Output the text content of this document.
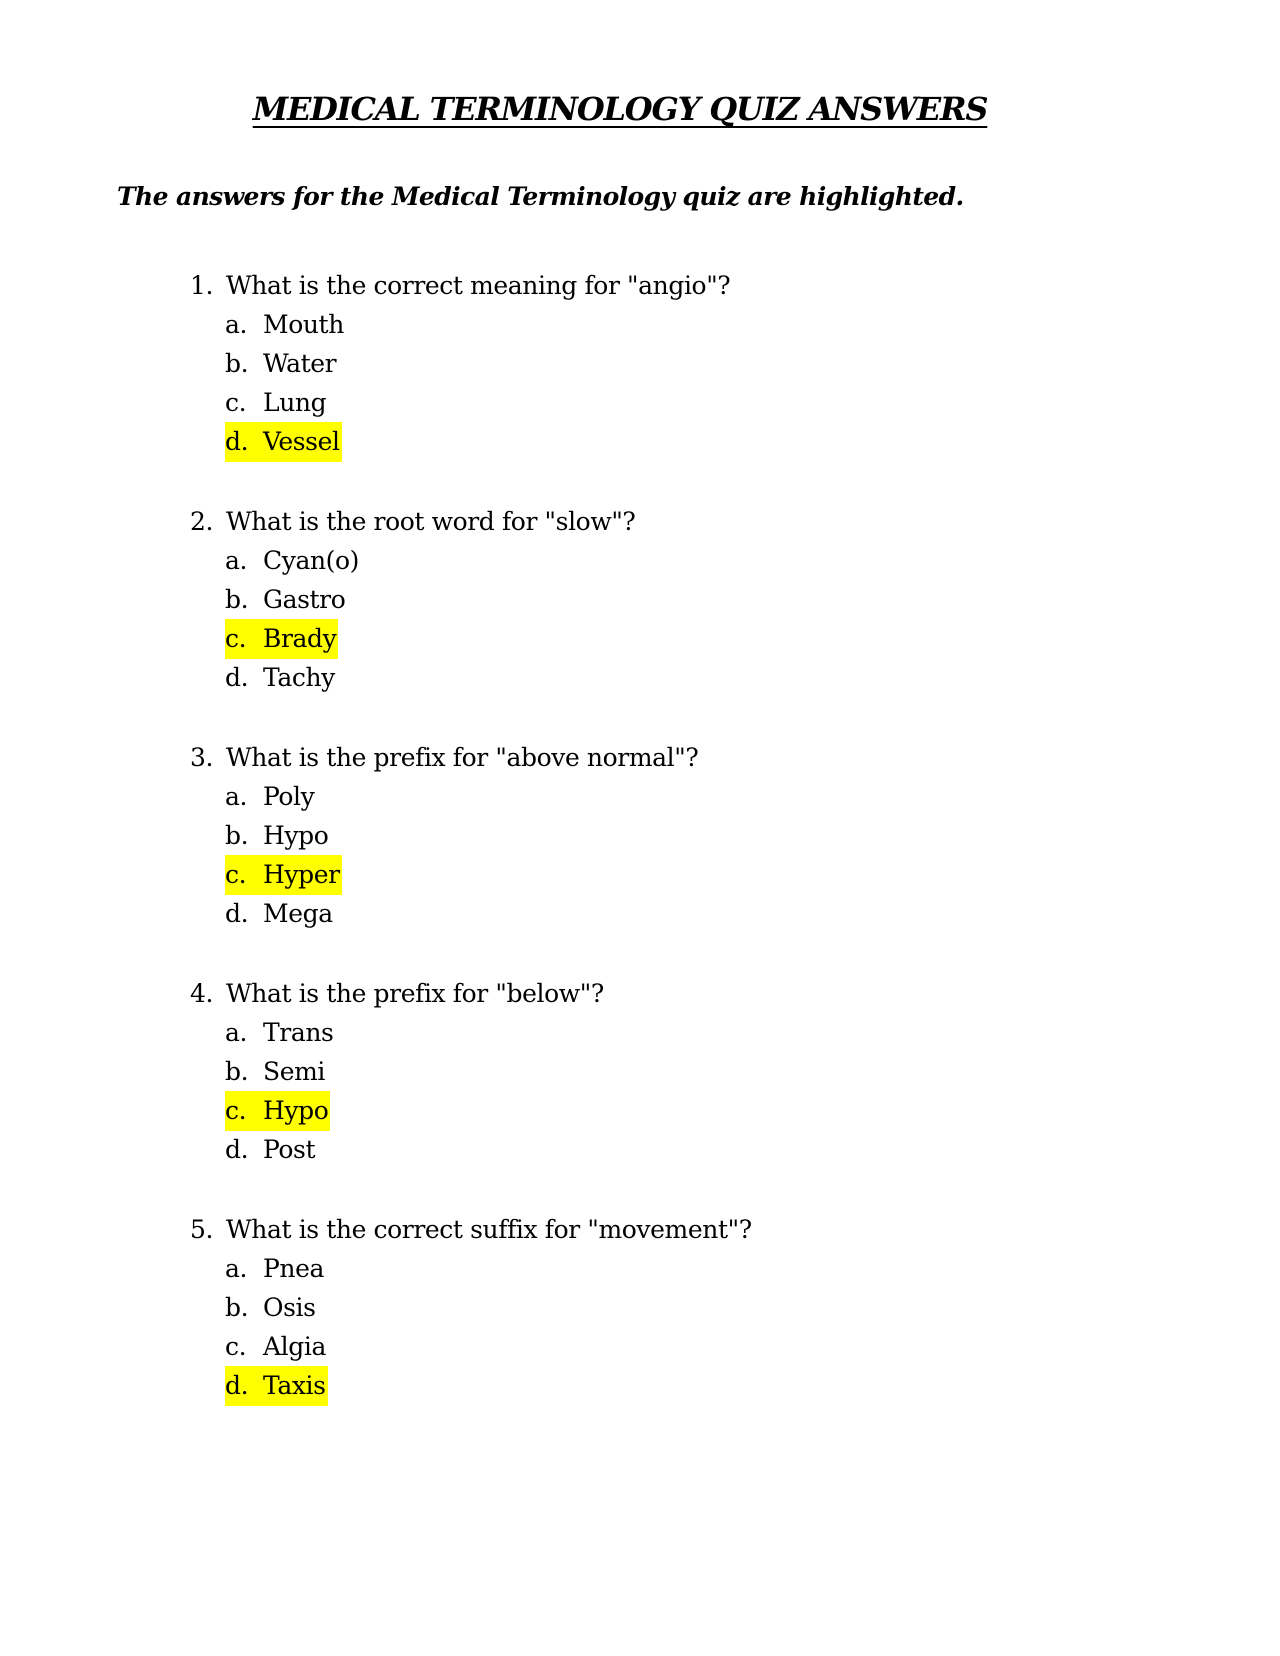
MEDICAL TERMINOLOGY QUIZ ANSWERS

The answers for the Medical Terminology quiz are highlighted.

1. What is the correct meaning for "angio"?
a. Mouth
b. Water
c. Lung
d. Vessel
2. What is the root word for "slow"?
a. Cyan(o)
b. Gastro
c. Brady
d. Tachy
3. What is the prefix for "above normal"?
a. Poly
b. Hypo
c. Hyper
d. Mega
4. What is the prefix for "below"?
a. Trans
b. Semi
c. Hypo
d. Post
5. What is the correct suffix for "movement"?
a. Pnea
b. Osis
c. Algia
d. Taxis
